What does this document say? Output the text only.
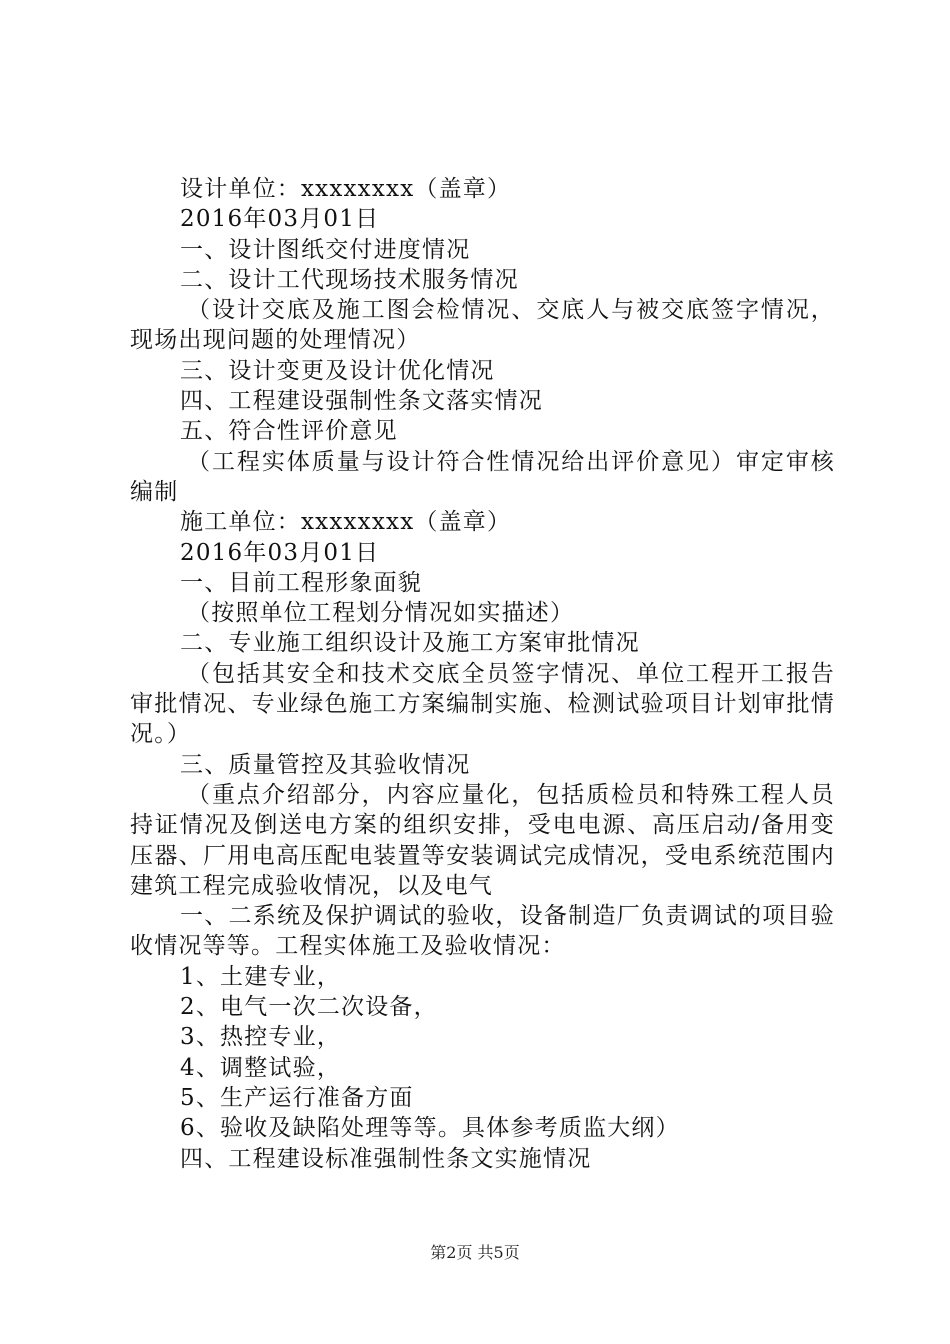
设计单位：xxxxxxxx（盖章）

2016年03月01日

一、设计图纸交付进度情况

二、设计工代现场技术服务情况

（设计交底及施工图会检情况、交底人与被交底签字情况，现场出现问题的处理情况）

三、设计变更及设计优化情况

四、工程建设强制性条文落实情况

五、符合性评价意见

（工程实体质量与设计符合性情况给出评价意见）审定审核编制

施工单位：xxxxxxxx（盖章）

2016年03月01日

一、目前工程形象面貌

（按照单位工程划分情况如实描述）

二、专业施工组织设计及施工方案审批情况

（包括其安全和技术交底全员签字情况、单位工程开工报告审批情况、专业绿色施工方案编制实施、检测试验项目计划审批情况。）

三、质量管控及其验收情况

（重点介绍部分，内容应量化，包括质检员和特殊工程人员持证情况及倒送电方案的组织安排，受电电源、高压启动/备用变压器、厂用电高压配电装置等安装调试完成情况，受电系统范围内建筑工程完成验收情况，以及电气

一、二系统及保护调试的验收，设备制造厂负责调试的项目验收情况等等。工程实体施工及验收情况：

1、土建专业，

2、电气一次二次设备，

3、热控专业，

4、调整试验，

5、生产运行准备方面

6、验收及缺陷处理等等。具体参考质监大纲）

四、工程建设标准强制性条文实施情况

第2页 共5页
